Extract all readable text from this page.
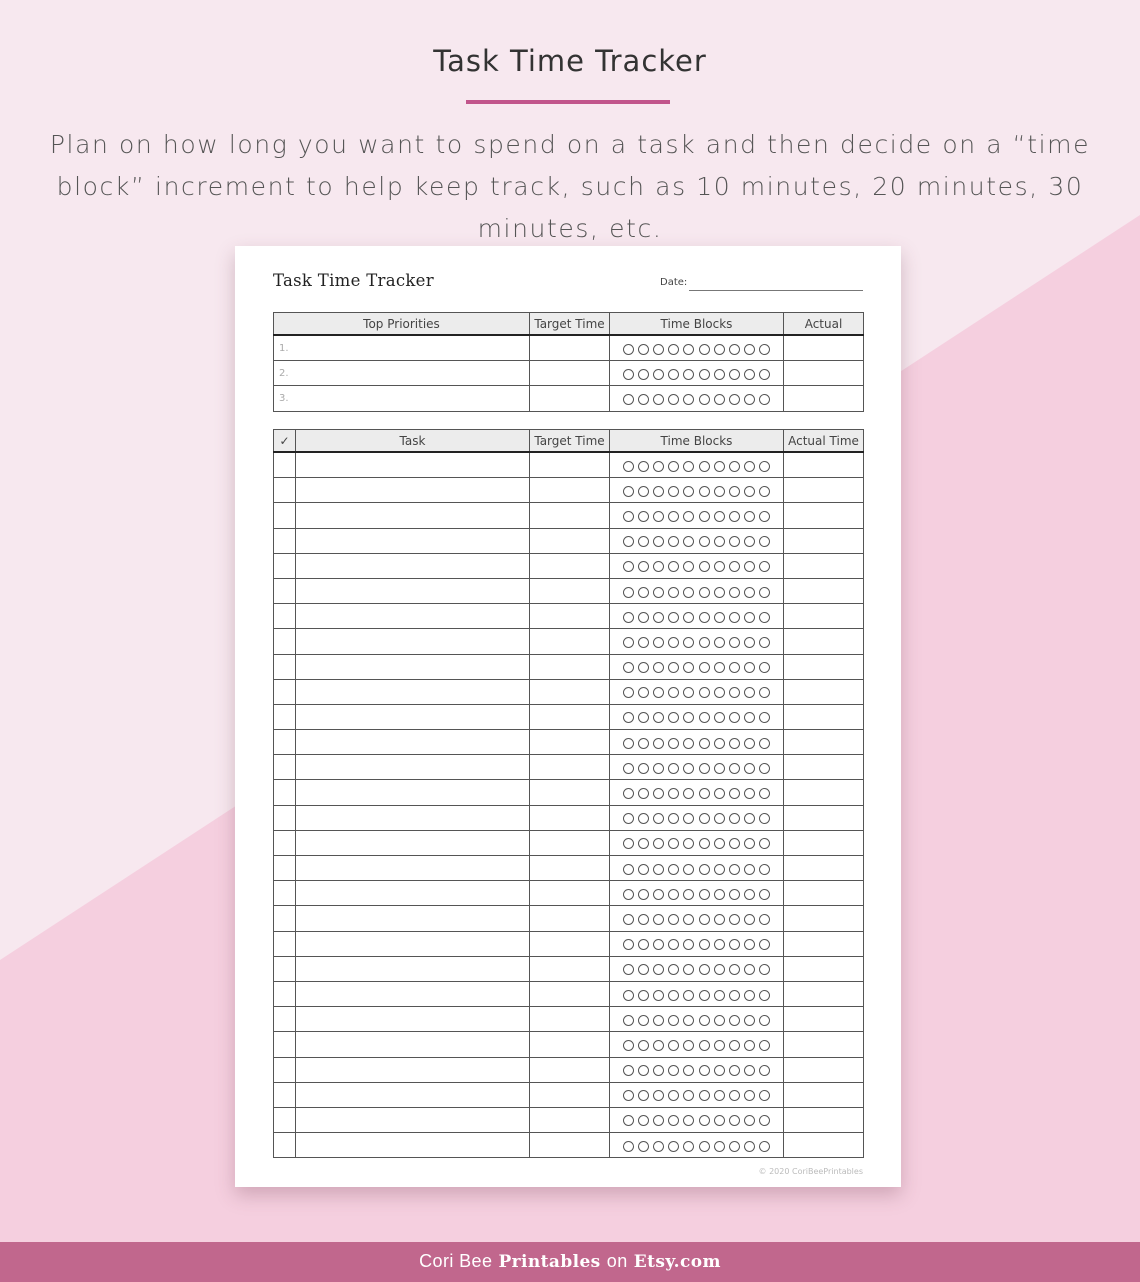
Task Time Tracker
Plan on how long you want to spend on a task and then decide on a “time block” increment to help keep track, such as 10 minutes, 20 minutes, 30 minutes, etc.
Task Time Tracker	Date:
Top Priorities	Target Time	Time Blocks	Actual
1.			
2.			
3.			
✓	Task	Target Time	Time Blocks	Actual Time

© 2020 CoriBeePrintables
Cori Bee Printables on Etsy.com
